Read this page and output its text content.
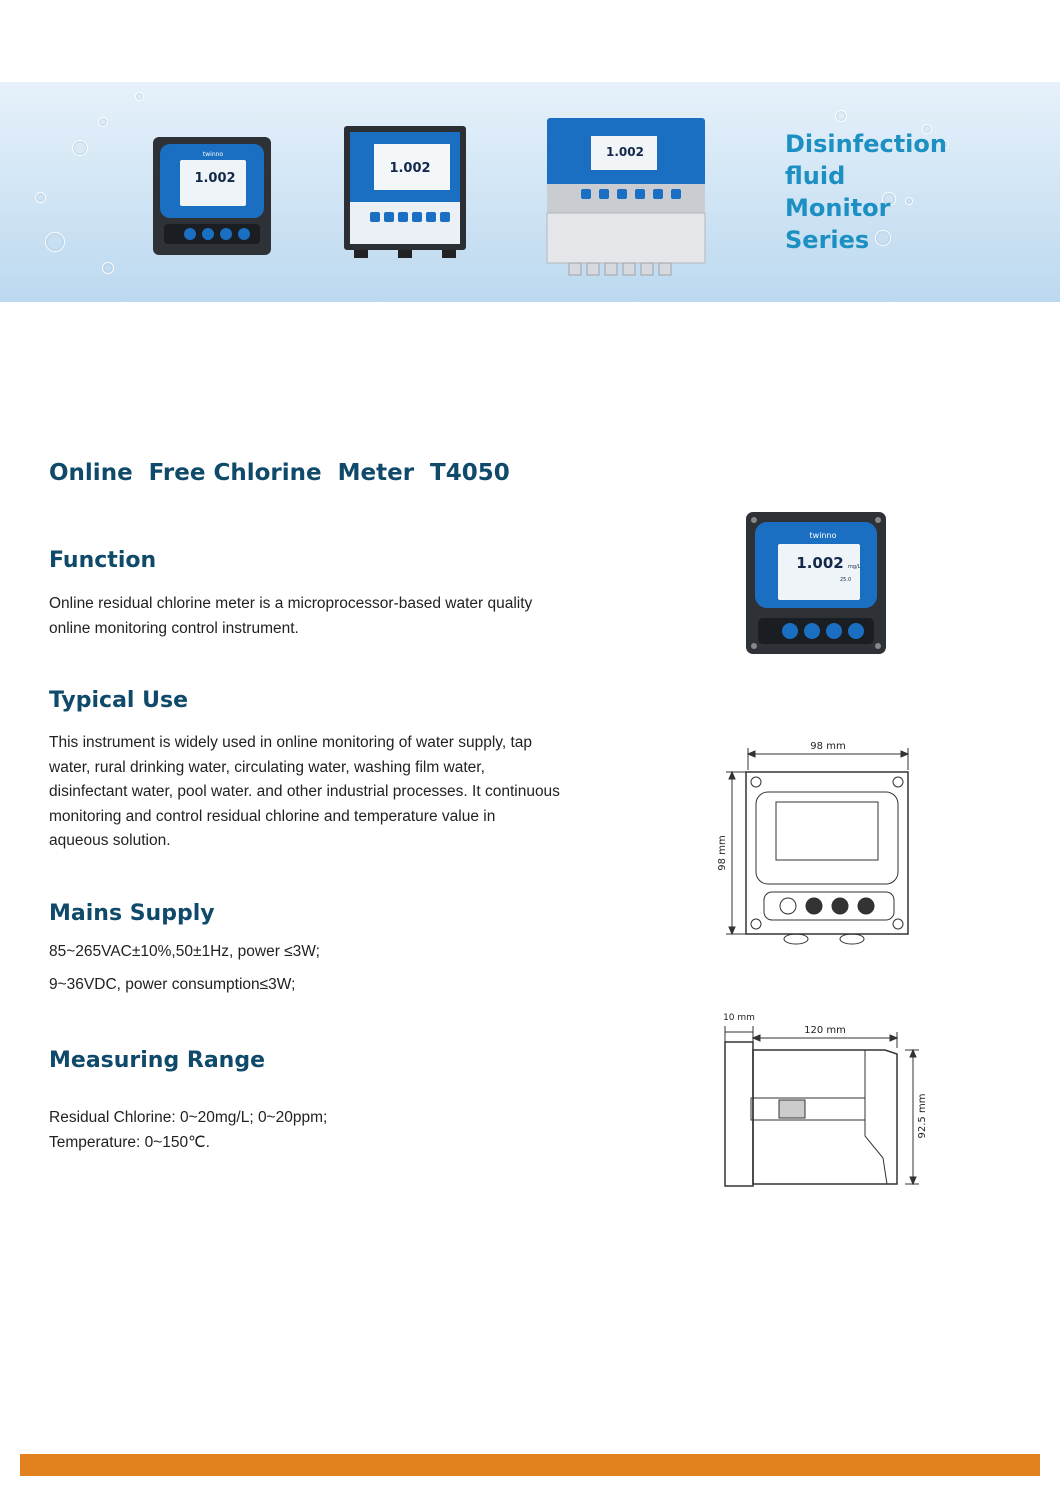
twinno
1.002
1.002
1.002	Disinfection
fluid
Monitor
Series
Online  Free Chlorine  Meter  T4050
Function
Online residual chlorine meter is a microprocessor-based water quality
online monitoring control instrument.
Typical Use
This instrument is widely used in online monitoring of water supply, tap
water, rural drinking water, circulating water, washing film water,
disinfectant water, pool water. and other industrial processes. It continuous
monitoring and control residual chlorine and temperature value in
aqueous solution.
Mains Supply

85~265VAC±10%,50±1Hz, power ≤3W;

9~36VDC, power consumption≤3W;

Measuring Range

Residual Chlorine: 0~20mg/L; 0~20ppm;

Temperature: 0~150℃.

twinno
1.002 mg/L
25.0
98 mm
98 mm
10 mm
120 mm
92.5 mm
